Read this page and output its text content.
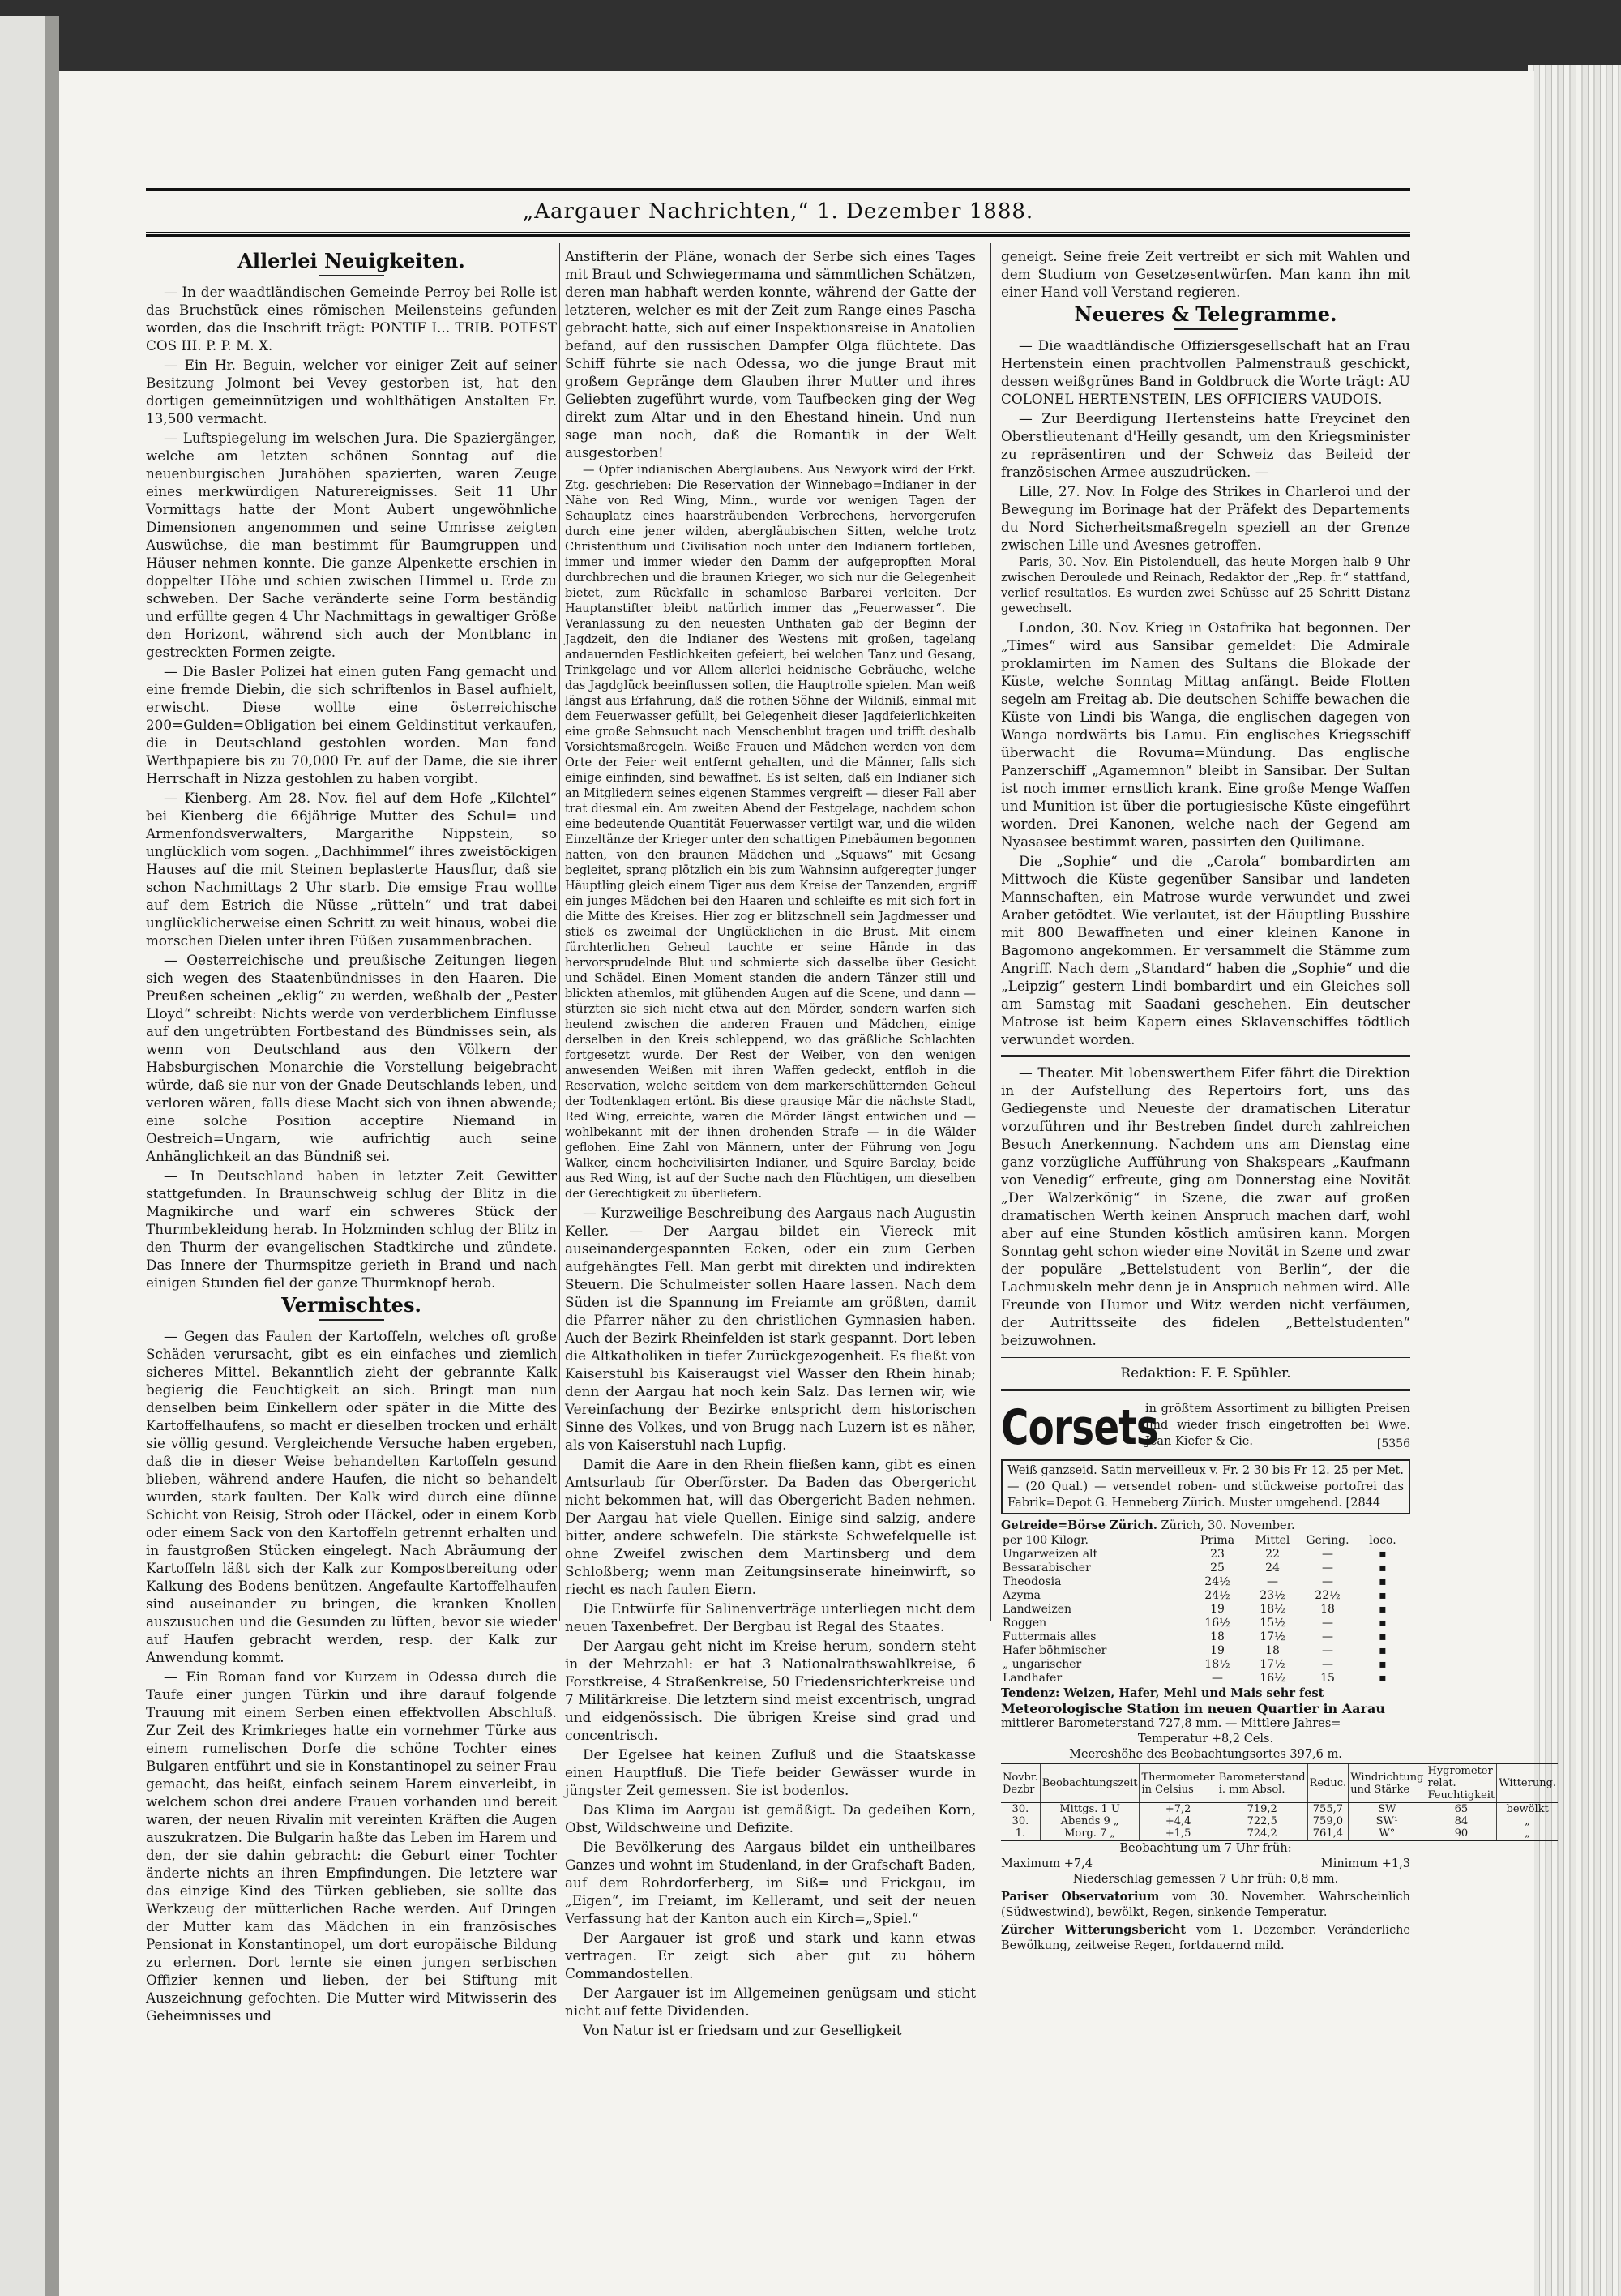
„Aargauer Nachrichten,“ 1. Dezember 1888.
Allerlei Neuigkeiten.

— In der waadtländischen Gemeinde Perroy bei Rolle ist das Bruchstück eines römischen Meilensteins gefunden worden, das die Inschrift trägt: PONTIF I... TRIB. POTEST COS III. P. P. M. X.

— Ein Hr. Beguin, welcher vor einiger Zeit auf seiner Besitzung Jolmont bei Vevey gestorben ist, hat den dortigen gemeinnützigen und wohlthätigen Anstalten Fr. 13,500 vermacht.

— Luftspiegelung im welschen Jura. Die Spaziergänger, welche am letzten schönen Sonntag auf die neuenburgischen Jurahöhen spazierten, waren Zeuge eines merkwürdigen Naturereignisses. Seit 11 Uhr Vormittags hatte der Mont Aubert ungewöhnliche Dimensionen angenommen und seine Umrisse zeigten Auswüchse, die man bestimmt für Baumgruppen und Häuser nehmen konnte. Die ganze Alpenkette erschien in doppelter Höhe und schien zwischen Himmel u. Erde zu schweben. Der Sache veränderte seine Form beständig und erfüllte gegen 4 Uhr Nachmittags in gewaltiger Größe den Horizont, während sich auch der Montblanc in gestreckten Formen zeigte.

— Die Basler Polizei hat einen guten Fang gemacht und eine fremde Diebin, die sich schriftenlos in Basel aufhielt, erwischt. Diese wollte eine österreichische 200=Gulden=Obligation bei einem Geldinstitut verkaufen, die in Deutschland gestohlen worden. Man fand Werthpapiere bis zu 70,000 Fr. auf der Dame, die sie ihrer Herrschaft in Nizza gestohlen zu haben vorgibt.

— Kienberg. Am 28. Nov. fiel auf dem Hofe „Kilchtel“ bei Kienberg die 66jährige Mutter des Schul= und Armenfondsverwalters, Margarithe Nippstein, so unglücklich vom sogen. „Dachhimmel“ ihres zweistöckigen Hauses auf die mit Steinen beplasterte Hausflur, daß sie schon Nachmittags 2 Uhr starb. Die emsige Frau wollte auf dem Estrich die Nüsse „rütteln“ und trat dabei unglücklicherweise einen Schritt zu weit hinaus, wobei die morschen Dielen unter ihren Füßen zusammenbrachen.

— Oesterreichische und preußische Zeitungen liegen sich wegen des Staatenbündnisses in den Haaren. Die Preußen scheinen „eklig“ zu werden, weßhalb der „Pester Lloyd“ schreibt: Nichts werde von verderblichem Einflusse auf den ungetrübten Fortbestand des Bündnisses sein, als wenn von Deutschland aus den Völkern der Habsburgischen Monarchie die Vorstellung beigebracht würde, daß sie nur von der Gnade Deutschlands leben, und verloren wären, falls diese Macht sich von ihnen abwende; eine solche Position acceptire Niemand in Oestreich=Ungarn, wie aufrichtig auch seine Anhänglichkeit an das Bündniß sei.

— In Deutschland haben in letzter Zeit Gewitter stattgefunden. In Braunschweig schlug der Blitz in die Magnikirche und warf ein schweres Stück der Thurmbekleidung herab. In Holzminden schlug der Blitz in den Thurm der evangelischen Stadtkirche und zündete. Das Innere der Thurmspitze gerieth in Brand und nach einigen Stunden fiel der ganze Thurmknopf herab.

Vermischtes.

— Gegen das Faulen der Kartoffeln, welches oft große Schäden verursacht, gibt es ein einfaches und ziemlich sicheres Mittel. Bekanntlich zieht der gebrannte Kalk begierig die Feuchtigkeit an sich. Bringt man nun denselben beim Einkellern oder später in die Mitte des Kartoffelhaufens, so macht er dieselben trocken und erhält sie völlig gesund. Vergleichende Versuche haben ergeben, daß die in dieser Weise behandelten Kartoffeln gesund blieben, während andere Haufen, die nicht so behandelt wurden, stark faulten. Der Kalk wird durch eine dünne Schicht von Reisig, Stroh oder Häckel, oder in einem Korb oder einem Sack von den Kartoffeln getrennt erhalten und in faustgroßen Stücken eingelegt. Nach Abräumung der Kartoffeln läßt sich der Kalk zur Kompostbereitung oder Kalkung des Bodens benützen. Angefaulte Kartoffelhaufen sind auseinander zu bringen, die kranken Knollen auszusuchen und die Gesunden zu lüften, bevor sie wieder auf Haufen gebracht werden, resp. der Kalk zur Anwendung kommt.

— Ein Roman fand vor Kurzem in Odessa durch die Taufe einer jungen Türkin und ihre darauf folgende Trauung mit einem Serben einen effektvollen Abschluß. Zur Zeit des Krimkrieges hatte ein vornehmer Türke aus einem rumelischen Dorfe die schöne Tochter eines Bulgaren entführt und sie in Konstantinopel zu seiner Frau gemacht, das heißt, einfach seinem Harem einverleibt, in welchem schon drei andere Frauen vorhanden und bereit waren, der neuen Rivalin mit vereinten Kräften die Augen auszukratzen. Die Bulgarin haßte das Leben im Harem und den, der sie dahin gebracht: die Geburt einer Tochter änderte nichts an ihren Empfindungen. Die letztere war das einzige Kind des Türken geblieben, sie sollte das Werkzeug der mütterlichen Rache werden. Auf Dringen der Mutter kam das Mädchen in ein französisches Pensionat in Konstantinopel, um dort europäische Bildung zu erlernen. Dort lernte sie einen jungen serbischen Offizier kennen und lieben, der bei Stiftung mit Auszeichnung gefochten. Die Mutter wird Mitwisserin des Geheimnisses und

Anstifterin der Pläne, wonach der Serbe sich eines Tages mit Braut und Schwiegermama und sämmtlichen Schätzen, deren man habhaft werden konnte, während der Gatte der letzteren, welcher es mit der Zeit zum Range eines Pascha gebracht hatte, sich auf einer Inspektionsreise in Anatolien befand, auf den russischen Dampfer Olga flüchtete. Das Schiff führte sie nach Odessa, wo die junge Braut mit großem Gepränge dem Glauben ihrer Mutter und ihres Geliebten zugeführt wurde, vom Taufbecken ging der Weg direkt zum Altar und in den Ehestand hinein. Und nun sage man noch, daß die Romantik in der Welt ausgestorben!

— Opfer indianischen Aberglaubens. Aus Newyork wird der Frkf. Ztg. geschrieben: Die Reservation der Winnebago=Indianer in der Nähe von Red Wing, Minn., wurde vor wenigen Tagen der Schauplatz eines haarsträubenden Verbrechens, hervorgerufen durch eine jener wilden, abergläubischen Sitten, welche trotz Christenthum und Civilisation noch unter den Indianern fortleben, immer und immer wieder den Damm der aufgepropften Moral durchbrechen und die braunen Krieger, wo sich nur die Gelegenheit bietet, zum Rückfalle in schamlose Barbarei verleiten. Der Hauptanstifter bleibt natürlich immer das „Feuerwasser“. Die Veranlassung zu den neuesten Unthaten gab der Beginn der Jagdzeit, den die Indianer des Westens mit großen, tagelang andauernden Festlichkeiten gefeiert, bei welchen Tanz und Gesang, Trinkgelage und vor Allem allerlei heidnische Gebräuche, welche das Jagdglück beeinflussen sollen, die Hauptrolle spielen. Man weiß längst aus Erfahrung, daß die rothen Söhne der Wildniß, einmal mit dem Feuerwasser gefüllt, bei Gelegenheit dieser Jagdfeierlichkeiten eine große Sehnsucht nach Menschenblut tragen und trifft deshalb Vorsichtsmaßregeln. Weiße Frauen und Mädchen werden von dem Orte der Feier weit entfernt gehalten, und die Männer, falls sich einige einfinden, sind bewaffnet. Es ist selten, daß ein Indianer sich an Mitgliedern seines eigenen Stammes vergreift — dieser Fall aber trat diesmal ein. Am zweiten Abend der Festgelage, nachdem schon eine bedeutende Quantität Feuerwasser vertilgt war, und die wilden Einzeltänze der Krieger unter den schattigen Pinebäumen begonnen hatten, von den braunen Mädchen und „Squaws“ mit Gesang begleitet, sprang plötzlich ein bis zum Wahnsinn aufgeregter junger Häuptling gleich einem Tiger aus dem Kreise der Tanzenden, ergriff ein junges Mädchen bei den Haaren und schleifte es mit sich fort in die Mitte des Kreises. Hier zog er blitzschnell sein Jagdmesser und stieß es zweimal der Unglücklichen in die Brust. Mit einem fürchterlichen Geheul tauchte er seine Hände in das hervorsprudelnde Blut und schmierte sich dasselbe über Gesicht und Schädel. Einen Moment standen die andern Tänzer still und blickten athemlos, mit glühenden Augen auf die Scene, und dann — stürzten sie sich nicht etwa auf den Mörder, sondern warfen sich heulend zwischen die anderen Frauen und Mädchen, einige derselben in den Kreis schleppend, wo das gräßliche Schlachten fortgesetzt wurde. Der Rest der Weiber, von den wenigen anwesenden Weißen mit ihren Waffen gedeckt, entfloh in die Reservation, welche seitdem von dem markerschütternden Geheul der Todtenklagen ertönt. Bis diese grausige Mär die nächste Stadt, Red Wing, erreichte, waren die Mörder längst entwichen und — wohlbekannt mit der ihnen drohenden Strafe — in die Wälder geflohen. Eine Zahl von Männern, unter der Führung von Jogu Walker, einem hochcivilisirten Indianer, und Squire Barclay, beide aus Red Wing, ist auf der Suche nach den Flüchtigen, um dieselben der Gerechtigkeit zu überliefern.

— Kurzweilige Beschreibung des Aargaus nach Augustin Keller. — Der Aargau bildet ein Viereck mit auseinandergespannten Ecken, oder ein zum Gerben aufgehängtes Fell. Man gerbt mit direkten und indirekten Steuern. Die Schulmeister sollen Haare lassen. Nach dem Süden ist die Spannung im Freiamte am größten, damit die Pfarrer näher zu den christlichen Gymnasien haben. Auch der Bezirk Rheinfelden ist stark gespannt. Dort leben die Altkatholiken in tiefer Zurückgezogenheit. Es fließt von Kaiserstuhl bis Kaiseraugst viel Wasser den Rhein hinab; denn der Aargau hat noch kein Salz. Das lernen wir, wie Vereinfachung der Bezirke entspricht dem historischen Sinne des Volkes, und von Brugg nach Luzern ist es näher, als von Kaiserstuhl nach Lupfig.

Damit die Aare in den Rhein fließen kann, gibt es einen Amtsurlaub für Oberförster. Da Baden das Obergericht nicht bekommen hat, will das Obergericht Baden nehmen. Der Aargau hat viele Quellen. Einige sind salzig, andere bitter, andere schwefeln. Die stärkste Schwefelquelle ist ohne Zweifel zwischen dem Martinsberg und dem Schloßberg; wenn man Zeitungsinserate hineinwirft, so riecht es nach faulen Eiern.

Die Entwürfe für Salinenverträge unterliegen nicht dem neuen Taxenbefret. Der Bergbau ist Regal des Staates.

Der Aargau geht nicht im Kreise herum, sondern steht in der Mehrzahl: er hat 3 Nationalrathswahlkreise, 6 Forstkreise, 4 Straßenkreise, 50 Friedensrichterkreise und 7 Militärkreise. Die letztern sind meist excentrisch, ungrad und eidgenössisch. Die übrigen Kreise sind grad und concentrisch.

Der Egelsee hat keinen Zufluß und die Staatskasse einen Hauptfluß. Die Tiefe beider Gewässer wurde in jüngster Zeit gemessen. Sie ist bodenlos.

Das Klima im Aargau ist gemäßigt. Da gedeihen Korn, Obst, Wildschweine und Defizite.

Die Bevölkerung des Aargaus bildet ein untheilbares Ganzes und wohnt im Studenland, in der Grafschaft Baden, auf dem Rohrdorferberg, im Siß= und Frickgau, im „Eigen“, im Freiamt, im Kelleramt, und seit der neuen Verfassung hat der Kanton auch ein Kirch=„Spiel.“

Der Aargauer ist groß und stark und kann etwas vertragen. Er zeigt sich aber gut zu höhern Commandostellen.

Der Aargauer ist im Allgemeinen genügsam und sticht nicht auf fette Dividenden.

Von Natur ist er friedsam und zur Geselligkeit

geneigt. Seine freie Zeit vertreibt er sich mit Wahlen und dem Studium von Gesetzesentwürfen. Man kann ihn mit einer Hand voll Verstand regieren.

Neueres & Telegramme.

— Die waadtländische Offiziersgesellschaft hat an Frau Hertenstein einen prachtvollen Palmenstrauß geschickt, dessen weißgrünes Band in Goldbruck die Worte trägt: AU COLONEL HERTENSTEIN, LES OFFICIERS VAUDOIS.

— Zur Beerdigung Hertensteins hatte Freycinet den Oberstlieutenant d'Heilly gesandt, um den Kriegsminister zu repräsentiren und der Schweiz das Beileid der französischen Armee auszudrücken. —

Lille, 27. Nov. In Folge des Strikes in Charleroi und der Bewegung im Borinage hat der Präfekt des Departements du Nord Sicherheitsmaßregeln speziell an der Grenze zwischen Lille und Avesnes getroffen.

Paris, 30. Nov. Ein Pistolenduell, das heute Morgen halb 9 Uhr zwischen Deroulede und Reinach, Redaktor der „Rep. fr.“ stattfand, verlief resultatlos. Es wurden zwei Schüsse auf 25 Schritt Distanz gewechselt.

London, 30. Nov. Krieg in Ostafrika hat begonnen. Der „Times“ wird aus Sansibar gemeldet: Die Admirale proklamirten im Namen des Sultans die Blokade der Küste, welche Sonntag Mittag anfängt. Beide Flotten segeln am Freitag ab. Die deutschen Schiffe bewachen die Küste von Lindi bis Wanga, die englischen dagegen von Wanga nordwärts bis Lamu. Ein englisches Kriegsschiff überwacht die Rovuma=Mündung. Das englische Panzerschiff „Agamemnon“ bleibt in Sansibar. Der Sultan ist noch immer ernstlich krank. Eine große Menge Waffen und Munition ist über die portugiesische Küste eingeführt worden. Drei Kanonen, welche nach der Gegend am Nyasasee bestimmt waren, passirten den Quilimane.

Die „Sophie“ und die „Carola“ bombardirten am Mittwoch die Küste gegenüber Sansibar und landeten Mannschaften, ein Matrose wurde verwundet und zwei Araber getödtet. Wie verlautet, ist der Häuptling Busshire mit 800 Bewaffneten und einer kleinen Kanone in Bagomono angekommen. Er versammelt die Stämme zum Angriff. Nach dem „Standard“ haben die „Sophie“ und die „Leipzig“ gestern Lindi bombardirt und ein Gleiches soll am Samstag mit Saadani geschehen. Ein deutscher Matrose ist beim Kapern eines Sklavenschiffes tödtlich verwundet worden.

— Theater. Mit lobenswerthem Eifer fährt die Direktion in der Aufstellung des Repertoirs fort, uns das Gediegenste und Neueste der dramatischen Literatur vorzuführen und ihr Bestreben findet durch zahlreichen Besuch Anerkennung. Nachdem uns am Dienstag eine ganz vorzügliche Aufführung von Shakspears „Kaufmann von Venedig“ erfreute, ging am Donnerstag eine Novität „Der Walzerkönig“ in Szene, die zwar auf großen dramatischen Werth keinen Anspruch machen darf, wohl aber auf eine Stunden köstlich amüsiren kann. Morgen Sonntag geht schon wieder eine Novität in Szene und zwar der populäre „Bettelstudent von Berlin“, der die Lachmuskeln mehr denn je in Anspruch nehmen wird. Alle Freunde von Humor und Witz werden nicht verfäumen, der Autrittsseite des fidelen „Bettelstudenten“ beizuwohnen.

Redaktion: F. F. Spühler.
Corsets
in größtem Assortiment zu billigten Preisen find wieder frisch eingetroffen bei Wwe. Jean Kiefer & Cie.	[5356
Weiß ganzseid. Satin merveilleux v. Fr. 2 30 bis Fr 12. 25 per Met. — (20 Qual.) — versendet roben- und stückweise portofrei das Fabrik=Depot G. Henneberg Zürich. Muster umgehend. [2844
Getreide=Börse Zürich. Zürich, 30. November.
per 100 Kilogr.	Prima	Mittel	Gering.	loco.
Ungarweizen alt	23	22	—	▪
Bessarabischer	25	24	—	▪
Theodosia	24½	—	—	▪
Azyma	24½	23½	22½	▪
Landweizen	19	18½	18	▪
Roggen	16½	15½	—	▪
Futtermais alles	18	17½	—	▪
Hafer böhmischer	19	18	—	▪
„ ungarischer	18½	17½	—	▪
Landhafer	—	16½	15	▪
Tendenz: Weizen, Hafer, Mehl und Mais sehr fest
Meteorologische Station im neuen Quartier in Aarau
mittlerer Barometerstand 727,8 mm. — Mittlere Jahres=
Temperatur +8,2 Cels.
Meereshöhe des Beobachtungsortes 397,6 m.
Novbr. Dezbr	Beobachtungszeit	Thermometer in Celsius	Barometerstand i. mm Absol.	Reduc.	Windrichtung und Stärke	Hygrometer relat. Feuchtigkeit	Witterung.
30.	Mittgs. 1 U	+7,2	719,2	755,7	SW	65	bewölkt
30.	Abends 9 „	+4,4	722,5	759,0	SW¹	84	„
1.	Morg. 7 „	+1,5	724,2	761,4	W°	90	„
Beobachtung um 7 Uhr früh:
Maximum +7,4	Minimum +1,3
Niederschlag gemessen 7 Uhr früh: 0,8 mm.
Pariser Observatorium vom 30. November. Wahrscheinlich (Südwestwind), bewölkt, Regen, sinkende Temperatur.
Zürcher Witterungsbericht vom 1. Dezember. Veränderliche Bewölkung, zeitweise Regen, fortdauernd mild.
